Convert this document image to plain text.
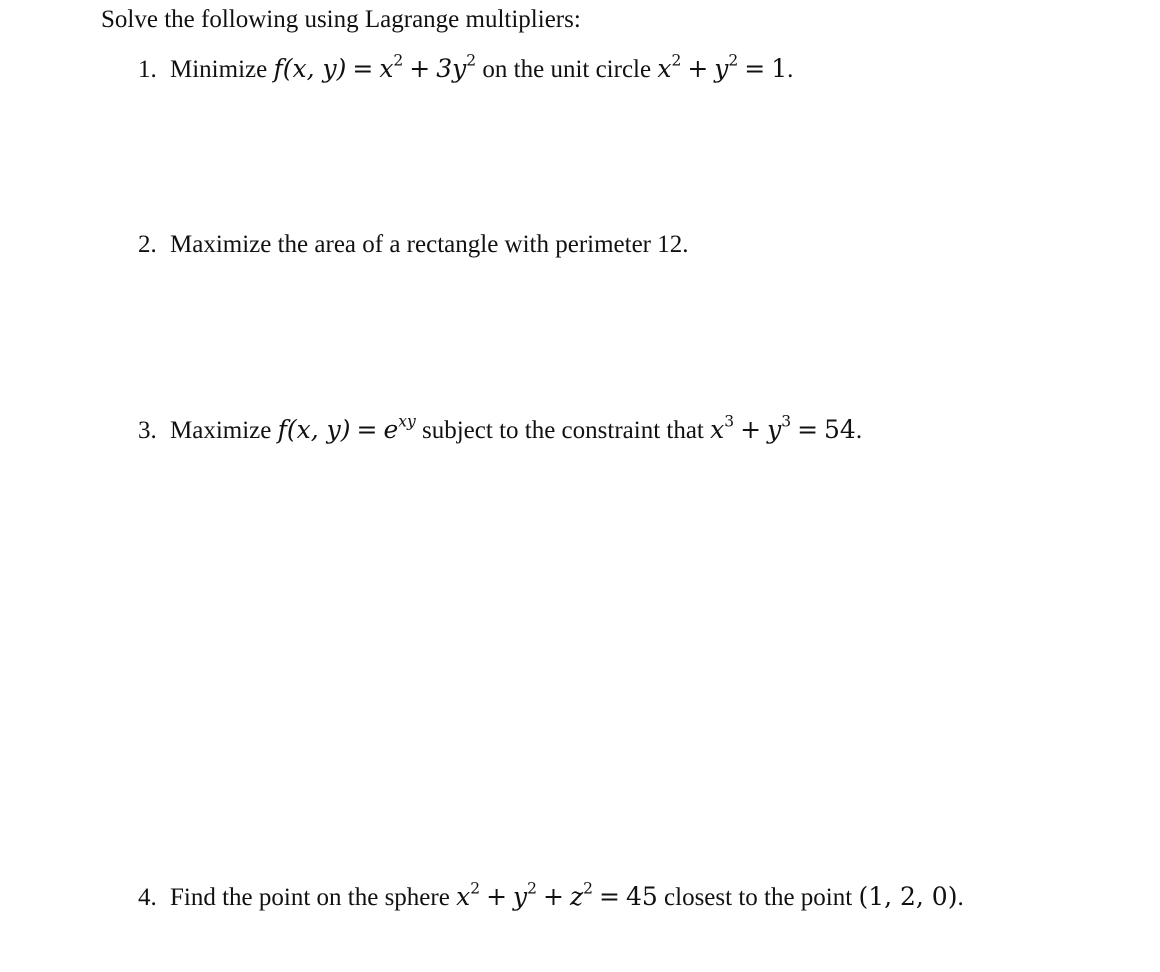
Solve the following using Lagrange multipliers:
1. Minimize f(x, $y) = x^2 + 3y^2$ on the unit circle $x^2 + y^2 = 1$.
2. Maximize the area of a rectangle with perimeter 12.
3. Maximize f(x, $y) = e^{xy}$ subject to the constraint that $x^3 + y^3 = 54$.
4. Find the point on the sphere $x^2 + y^2 + z^2 = 45$ closest to the point (1, 2, 0).
